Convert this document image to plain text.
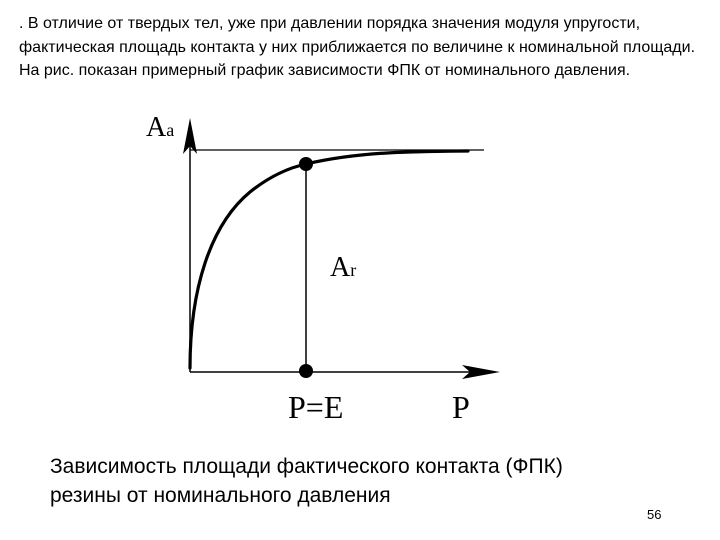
. В отличие от твердых тел, уже при давлении порядка значения модуля упругости, фактическая площадь контакта у них приближается по величине к номинальной площади. На рис. показан примерный график зависимости ФПК от номинального давления.

Aa
Ar
P=E	P

Зависимость площади фактического контакта (ФПК)
резины от номинального давления

56
